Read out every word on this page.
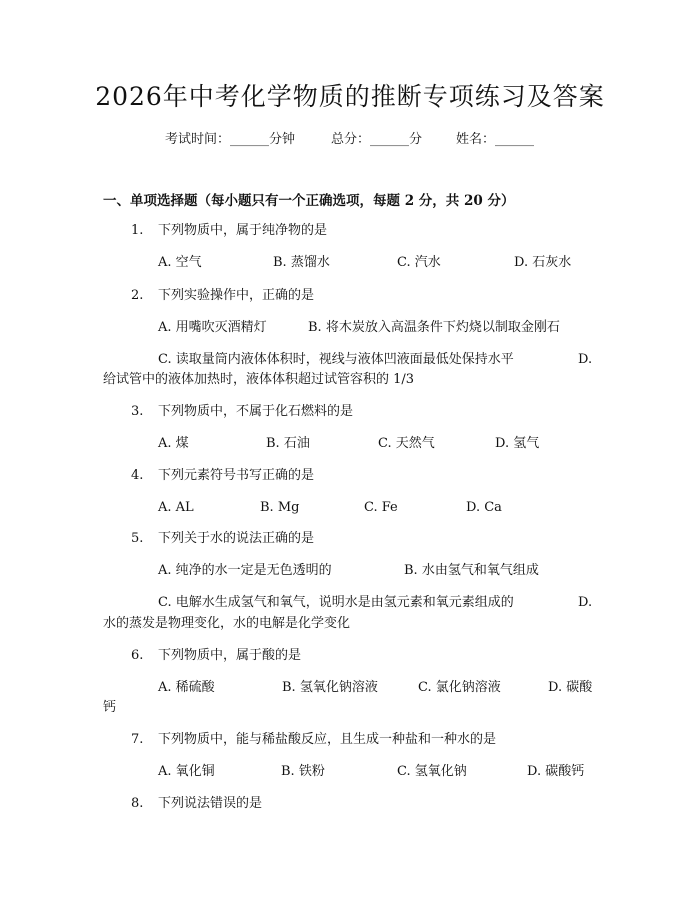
2026年中考化学物质的推断专项练习及答案
考试时间：______分钟	总分：______分	姓名：______
一、单项选择题（每小题只有一个正确选项，每题 2 分，共 20 分）
1. 下列物质中，属于纯净物的是
A. 空气	B. 蒸馏水	C. 汽水	D. 石灰水
2. 下列实验操作中，正确的是
A. 用嘴吹灭酒精灯	B. 将木炭放入高温条件下灼烧以制取金刚石
C. 读取量筒内液体体积时，视线与液体凹液面最低处保持水平	D.
给试管中的液体加热时，液体体积超过试管容积的 1/3
3. 下列物质中，不属于化石燃料的是
A. 煤	B. 石油	C. 天然气	D. 氢气
4. 下列元素符号书写正确的是
A. AL	B. Mg	C. Fe	D. Ca
5. 下列关于水的说法正确的是
A. 纯净的水一定是无色透明的	B. 水由氢气和氧气组成
C. 电解水生成氢气和氧气，说明水是由氢元素和氧元素组成的	D.
水的蒸发是物理变化，水的电解是化学变化
6. 下列物质中，属于酸的是
A. 稀硫酸	B. 氢氧化钠溶液	C. 氯化钠溶液	D. 碳酸
钙
7. 下列物质中，能与稀盐酸反应，且生成一种盐和一种水的是
A. 氧化铜	B. 铁粉	C. 氢氧化钠	D. 碳酸钙
8. 下列说法错误的是
